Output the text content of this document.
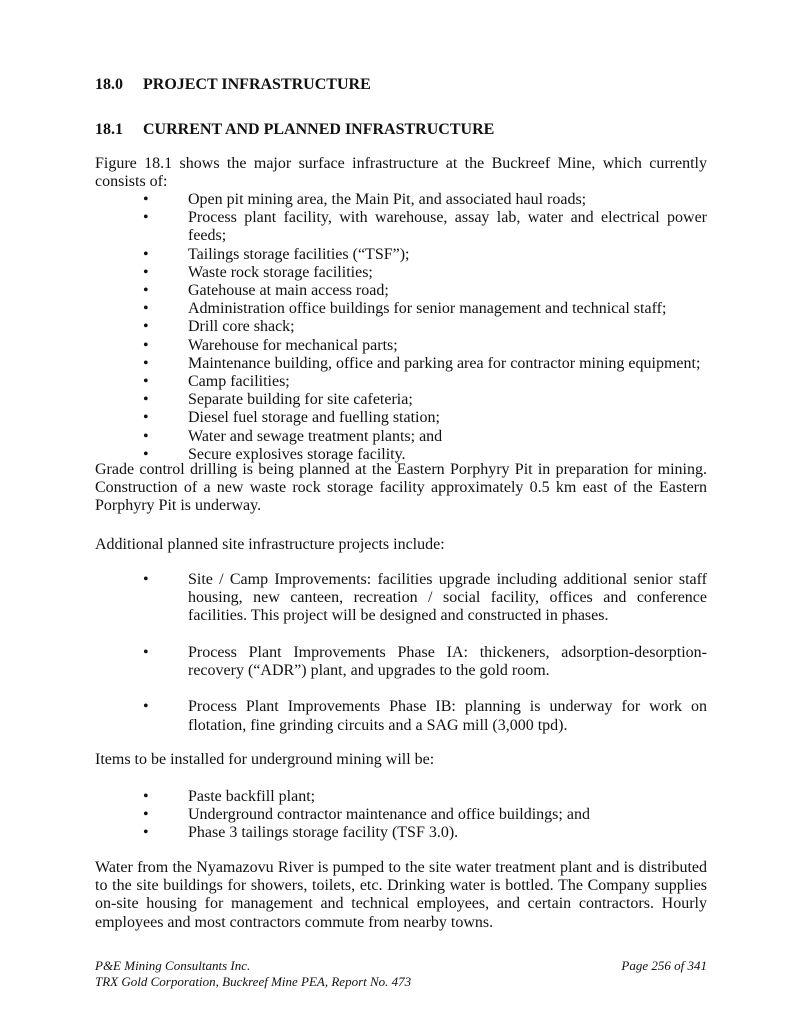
18.0 PROJECT INFRASTRUCTURE
18.1 CURRENT AND PLANNED INFRASTRUCTURE

Figure 18.1 shows the major surface infrastructure at the Buckreef Mine, which currently consists of:

• Open pit mining area, the Main Pit, and associated haul roads;
• Process plant facility, with warehouse, assay lab, water and electrical power feeds;
• Tailings storage facilities (“TSF”);
• Waste rock storage facilities;
• Gatehouse at main access road;
• Administration office buildings for senior management and technical staff;
• Drill core shack;
• Warehouse for mechanical parts;
• Maintenance building, office and parking area for contractor mining equipment;
• Camp facilities;
• Separate building for site cafeteria;
• Diesel fuel storage and fuelling station;
• Water and sewage treatment plants; and
• Secure explosives storage facility.

Grade control drilling is being planned at the Eastern Porphyry Pit in preparation for mining. Construction of a new waste rock storage facility approximately 0.5 km east of the Eastern Porphyry Pit is underway.

Additional planned site infrastructure projects include:

• Site / Camp Improvements: facilities upgrade including additional senior staff housing, new canteen, recreation / social facility, offices and conference facilities. This project will be designed and constructed in phases.
• Process Plant Improvements Phase IA: thickeners, adsorption-desorption-recovery (“ADR”) plant, and upgrades to the gold room.
• Process Plant Improvements Phase IB: planning is underway for work on flotation, fine grinding circuits and a SAG mill (3,000 tpd).

Items to be installed for underground mining will be:

• Paste backfill plant;
• Underground contractor maintenance and office buildings; and
• Phase 3 tailings storage facility (TSF 3.0).

Water from the Nyamazovu River is pumped to the site water treatment plant and is distributed to the site buildings for showers, toilets, etc. Drinking water is bottled. The Company supplies on-site housing for management and technical employees, and certain contractors. Hourly employees and most contractors commute from nearby towns.

P&E Mining Consultants Inc.
TRX Gold Corporation, Buckreef Mine PEA, Report No. 473
Page 256 of 341
